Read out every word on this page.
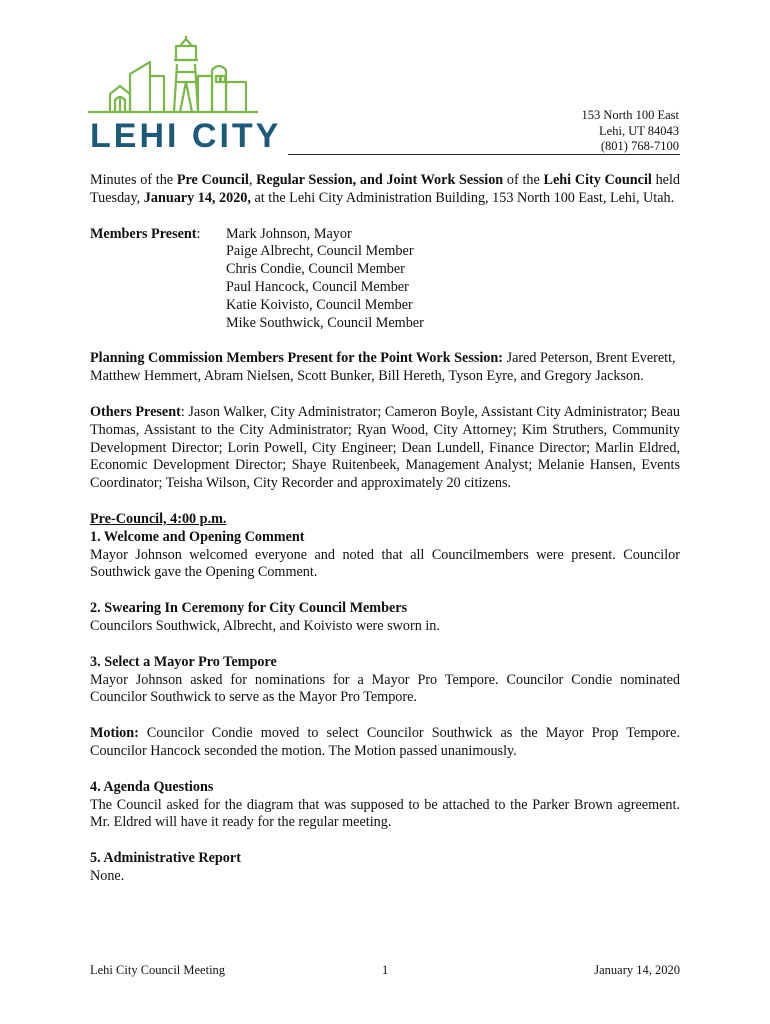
LEHI CITY
153 North 100 East
Lehi, UT 84043
(801) 768-7100

Minutes of the Pre Council, Regular Session, and Joint Work Session of the Lehi City Council held Tuesday, January 14, 2020, at the Lehi City Administration Building, 153 North 100 East, Lehi, Utah.

Members Present:	Mark Johnson, Mayor
Paige Albrecht, Council Member
Chris Condie, Council Member
Paul Hancock, Council Member
Katie Koivisto, Council Member
Mike Southwick, Council Member

Planning Commission Members Present for the Point Work Session: Jared Peterson, Brent Everett, Matthew Hemmert, Abram Nielsen, Scott Bunker, Bill Hereth, Tyson Eyre, and Gregory Jackson.

Others Present: Jason Walker, City Administrator; Cameron Boyle, Assistant City Administrator; Beau Thomas, Assistant to the City Administrator; Ryan Wood, City Attorney; Kim Struthers, Community Development Director; Lorin Powell, City Engineer; Dean Lundell, Finance Director; Marlin Eldred, Economic Development Director; Shaye Ruitenbeek, Management Analyst; Melanie Hansen, Events Coordinator; Teisha Wilson, City Recorder and approximately 20 citizens.

Pre-Council, 4:00 p.m.
1. Welcome and Opening Comment
Mayor Johnson welcomed everyone and noted that all Councilmembers were present. Councilor Southwick gave the Opening Comment.
2. Swearing In Ceremony for City Council Members
Councilors Southwick, Albrecht, and Koivisto were sworn in.
3. Select a Mayor Pro Tempore
Mayor Johnson asked for nominations for a Mayor Pro Tempore. Councilor Condie nominated Councilor Southwick to serve as the Mayor Pro Tempore.

Motion: Councilor Condie moved to select Councilor Southwick as the Mayor Prop Tempore. Councilor Hancock seconded the motion. The Motion passed unanimously.

4. Agenda Questions
The Council asked for the diagram that was supposed to be attached to the Parker Brown agreement. Mr. Eldred will have it ready for the regular meeting.
5. Administrative Report
None.
Lehi City Council Meeting	1	January 14, 2020
